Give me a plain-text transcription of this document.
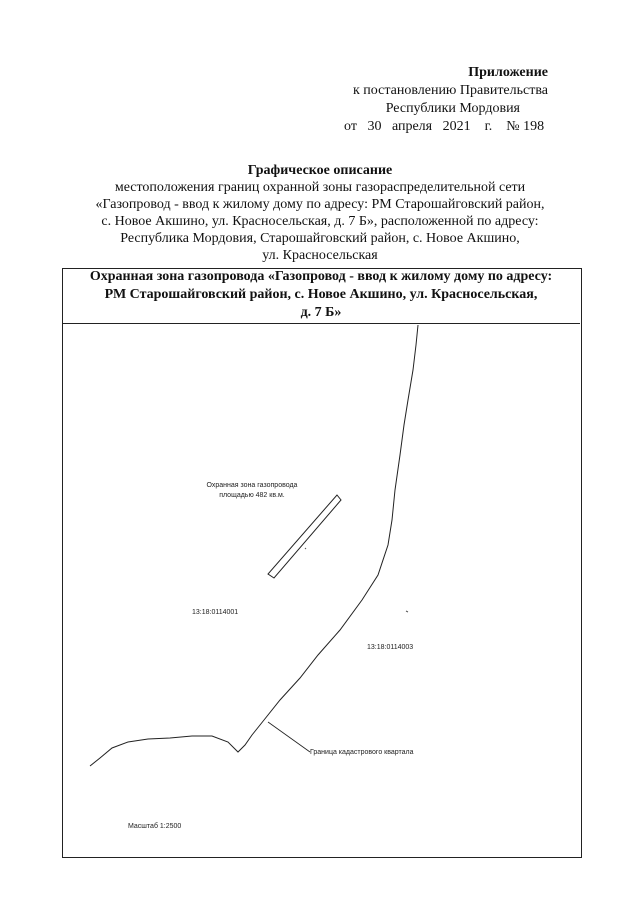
Приложение
к постановлению Правительства
Республики Мордовия
от 30 апреля 2021 г. № 198
Графическое описание
местоположения границ охранной зоны газораспределительной сети
«Газопровод - ввод к жилому дому по адресу: РМ Старошайговский район,
с. Новое Акшино, ул. Красносельская, д. 7 Б», расположенной по адресу:
Республика Мордовия, Старошайговский район, с. Новое Акшино,
ул. Красносельская
Охранная зона газопровода «Газопровод - ввод к жилому дому по адресу:
РМ Старошайговский район, с. Новое Акшино, ул. Красносельская,
д. 7 Б»
Охранная зона газопровода
площадью 482 кв.м.
13:18:0114001
13:18:0114003
Граница кадастрового квартала
Масштаб 1:2500
